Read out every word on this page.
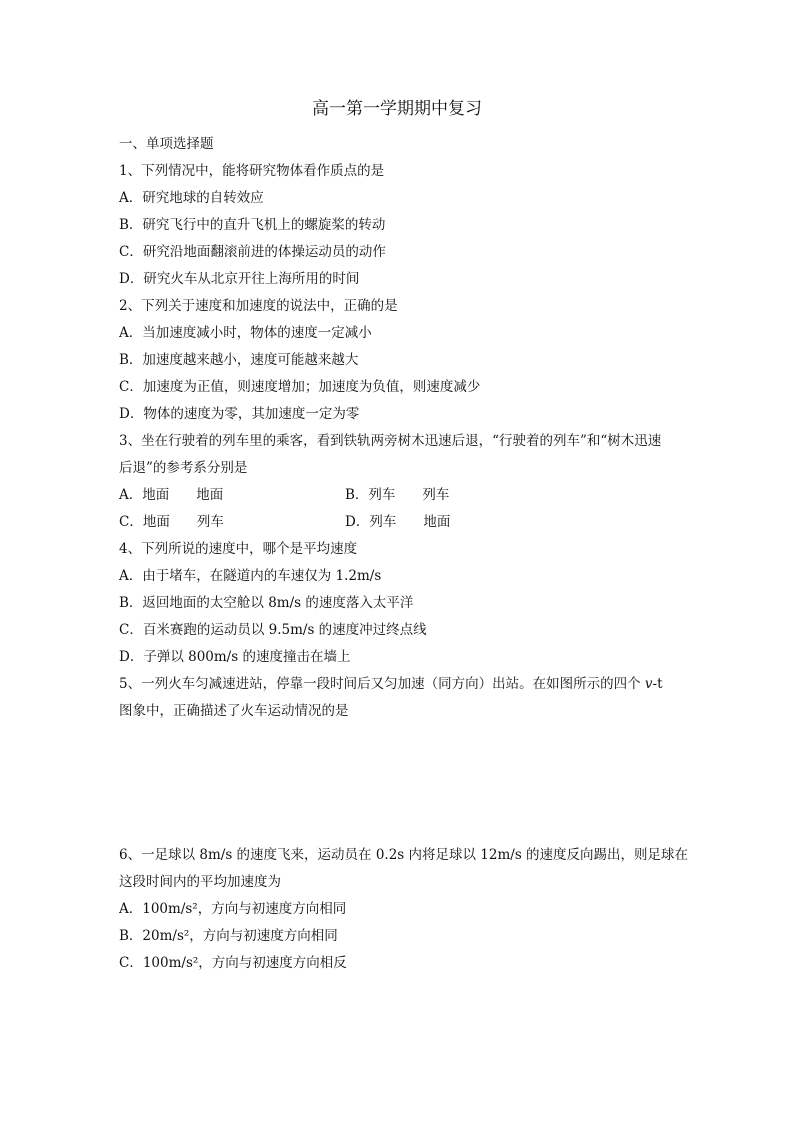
高一第一学期期中复习
一、单项选择题
1、下列情况中，能将研究物体看作质点的是
A．研究地球的自转效应
B．研究飞行中的直升飞机上的螺旋桨的转动
C．研究沿地面翻滚前进的体操运动员的动作
D．研究火车从北京开往上海所用的时间
2、下列关于速度和加速度的说法中，正确的是
A．当加速度减小时，物体的速度一定减小
B．加速度越来越小，速度可能越来越大
C．加速度为正值，则速度增加；加速度为负值，则速度减少
D．物体的速度为零，其加速度一定为零
3、坐在行驶着的列车里的乘客，看到铁轨两旁树木迅速后退，“行驶着的列车”和“树木迅速
后退”的参考系分别是
A．地面　　地面	B．列车　　列车
C．地面　　列车	D．列车　　地面
4、下列所说的速度中，哪个是平均速度
A．由于堵车，在隧道内的车速仅为 1.2m/s
B．返回地面的太空舱以 8m/s 的速度落入太平洋
C．百米赛跑的运动员以 9.5m/s 的速度冲过终点线
D．子弹以 800m/s 的速度撞击在墙上
5、一列火车匀减速进站，停靠一段时间后又匀加速（同方向）出站。在如图所示的四个 v-t
图象中，正确描述了火车运动情况的是
6、一足球以 8m/s 的速度飞来，运动员在 0.2s 内将足球以 12m/s 的速度反向踢出，则足球在
这段时间内的平均加速度为
A．100m/s²，方向与初速度方向相同
B．20m/s²，方向与初速度方向相同
C．100m/s²，方向与初速度方向相反
